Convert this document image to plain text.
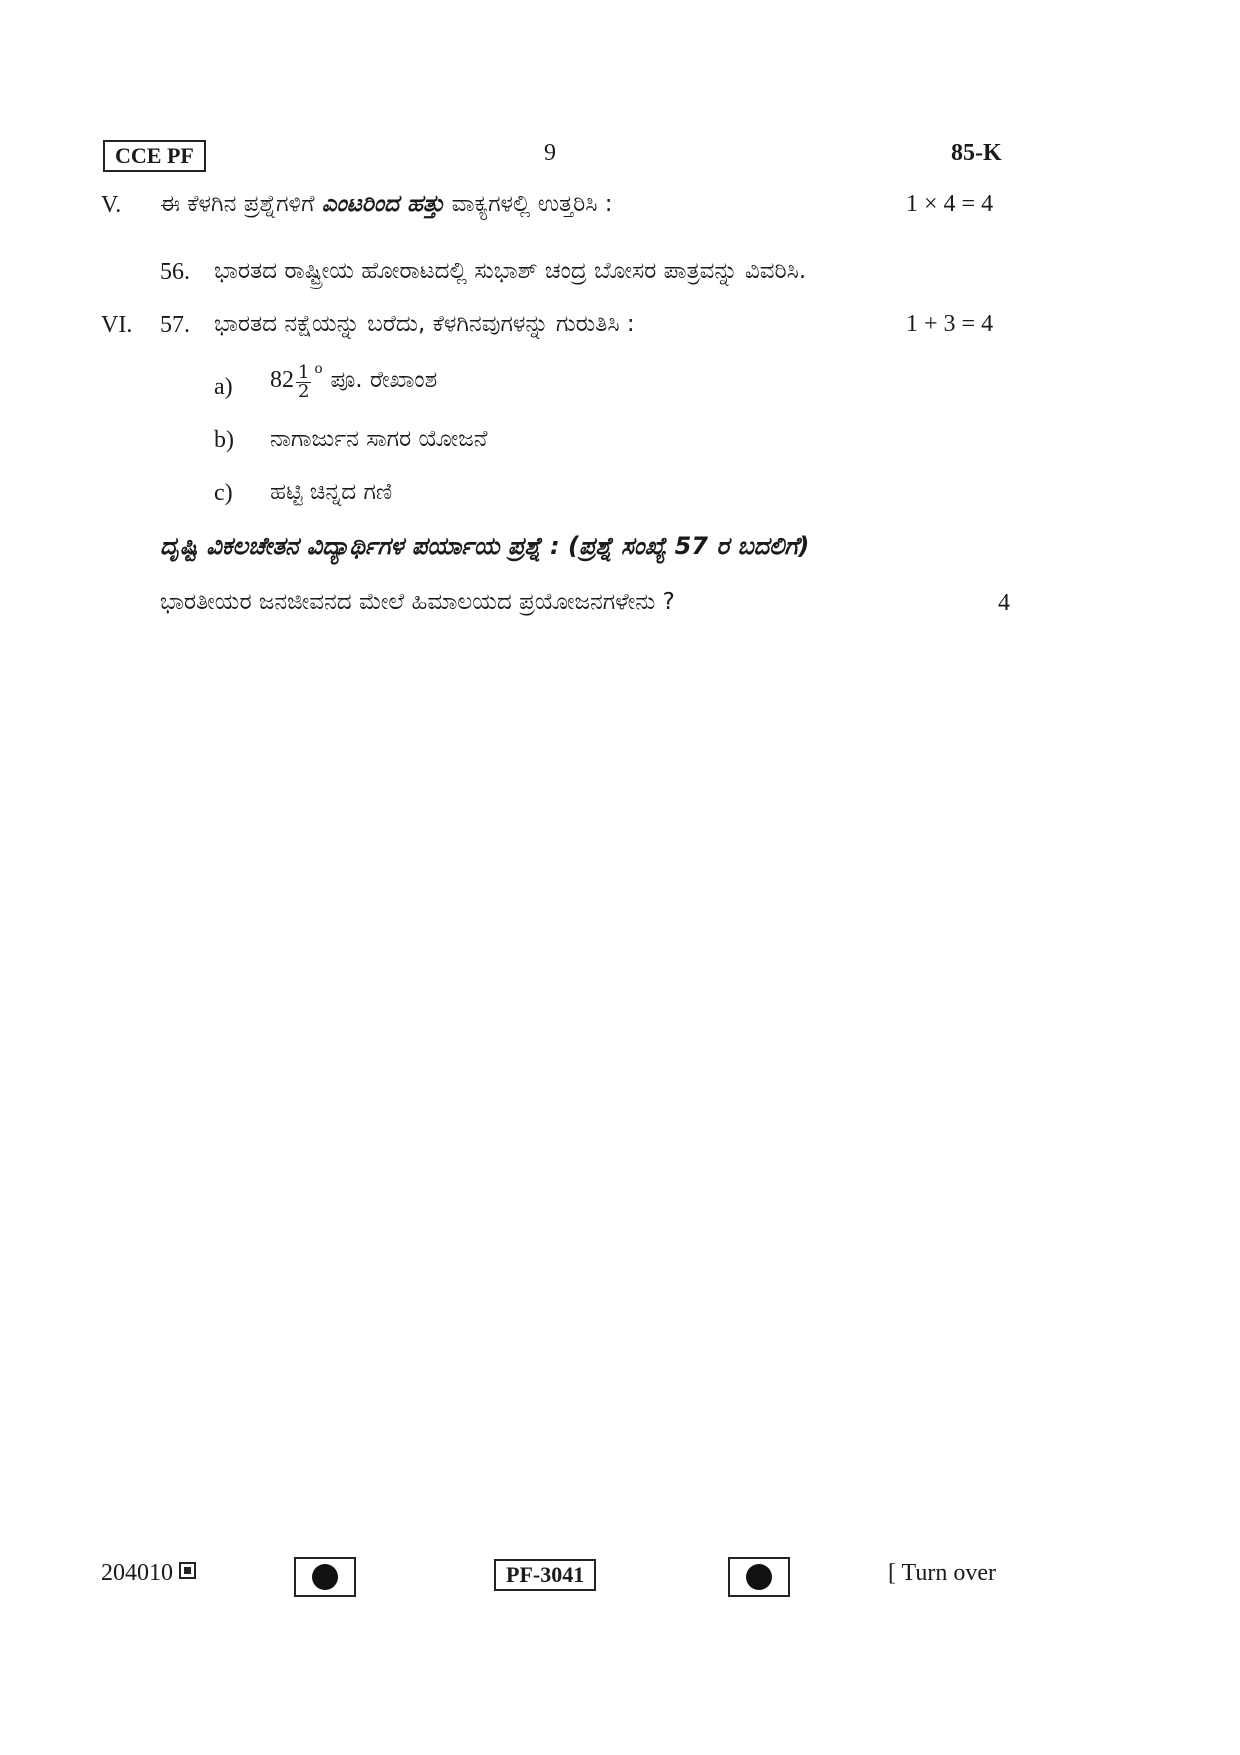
CCE PF	9	85-K
V. ಈ ಕೆಳಗಿನ ಪ್ರಶ್ನೆಗಳಿಗೆ ಎಂಟರಿಂದ ಹತ್ತು ವಾಕ್ಯಗಳಲ್ಲಿ ಉತ್ತರಿಸಿ :	1 × 4 = 4
56. ಭಾರತದ ರಾಷ್ಟ್ರೀಯ ಹೋರಾಟದಲ್ಲಿ ಸುಭಾಶ್ ಚಂದ್ರ ಬೋಸರ ಪಾತ್ರವನ್ನು ವಿವರಿಸಿ.
VI. 57. ಭಾರತದ ನಕ್ಷೆಯನ್ನು ಬರೆದು, ಕೆಳಗಿನವುಗಳನ್ನು ಗುರುತಿಸಿ :	1 + 3 = 4
a) $82 \frac{1}{2}$ o ಪೂ. ರೇಖಾಂಶ
b) ನಾಗಾರ್ಜುನ ಸಾಗರ ಯೋಜನೆ
c) ಹಟ್ಟಿ ಚಿನ್ನದ ಗಣಿ
ದೃಷ್ಟಿ ವಿಕಲಚೇತನ ವಿದ್ಯಾರ್ಥಿಗಳ ಪರ್ಯಾಯ ಪ್ರಶ್ನೆ : (ಪ್ರಶ್ನೆ ಸಂಖ್ಯೆ 57 ರ ಬದಲಿಗೆ)
ಭಾರತೀಯರ ಜನಜೀವನದ ಮೇಲೆ ಹಿಮಾಲಯದ ಪ್ರಯೋಜನಗಳೇನು ?	4
204010	PF-3041	[ Turn over
